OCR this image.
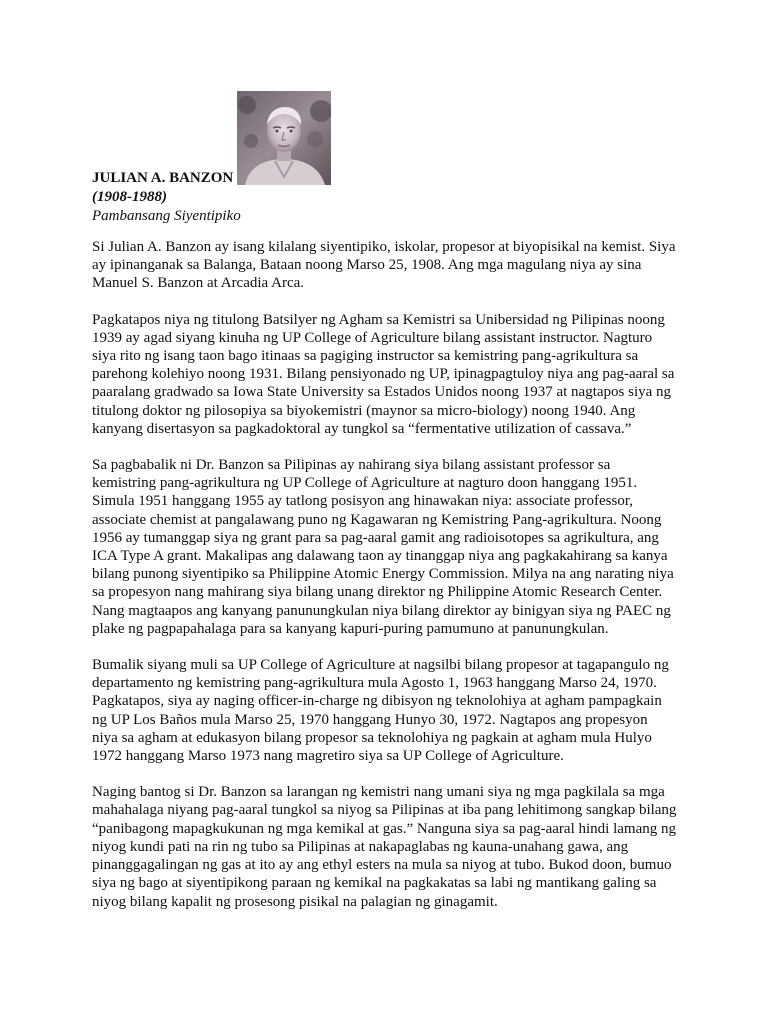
JULIAN A. BANZON

(1908-1988)

Pambansang Siyentipiko

Si Julian A. Banzon ay isang kilalang siyentipiko, iskolar, propesor at biyopisikal na kemist. Siya
ay ipinanganak sa Balanga, Bataan noong Marso 25, 1908. Ang mga magulang niya ay sina
Manuel S. Banzon at Arcadia Arca.

Pagkatapos niya ng titulong Batsilyer ng Agham sa Kemistri sa Unibersidad ng Pilipinas noong
1939 ay agad siyang kinuha ng UP College of Agriculture bilang assistant instructor. Nagturo
siya rito ng isang taon bago itinaas sa pagiging instructor sa kemistring pang-agrikultura sa
parehong kolehiyo noong 1931. Bilang pensiyonado ng UP, ipinagpagtuloy niya ang pag-aaral sa
paaralang gradwado sa Iowa State University sa Estados Unidos noong 1937 at nagtapos siya ng
titulong doktor ng pilosopiya sa biyokemistri (maynor sa micro-biology) noong 1940. Ang
kanyang disertasyon sa pagkadoktoral ay tungkol sa “fermentative utilization of cassava.”

Sa pagbabalik ni Dr. Banzon sa Pilipinas ay nahirang siya bilang assistant professor sa
kemistring pang-agrikultura ng UP College of Agriculture at nagturo doon hanggang 1951.
Simula 1951 hanggang 1955 ay tatlong posisyon ang hinawakan niya: associate professor,
associate chemist at pangalawang puno ng Kagawaran ng Kemistring Pang-agrikultura. Noong
1956 ay tumanggap siya ng grant para sa pag-aaral gamit ang radioisotopes sa agrikultura, ang
ICA Type A grant. Makalipas ang dalawang taon ay tinanggap niya ang pagkakahirang sa kanya
bilang punong siyentipiko sa Philippine Atomic Energy Commission. Milya na ang narating niya
sa propesyon nang mahirang siya bilang unang direktor ng Philippine Atomic Research Center.
Nang magtaapos ang kanyang panunungkulan niya bilang direktor ay binigyan siya ng PAEC ng
plake ng pagpapahalaga para sa kanyang kapuri-puring pamumuno at panunungkulan.

Bumalik siyang muli sa UP College of Agriculture at nagsilbi bilang propesor at tagapangulo ng
departamento ng kemistring pang-agrikultura mula Agosto 1, 1963 hanggang Marso 24, 1970.
Pagkatapos, siya ay naging officer-in-charge ng dibisyon ng teknolohiya at agham pampagkain
ng UP Los Baños mula Marso 25, 1970 hanggang Hunyo 30, 1972. Nagtapos ang propesyon
niya sa agham at edukasyon bilang propesor sa teknolohiya ng pagkain at agham mula Hulyo
1972 hanggang Marso 1973 nang magretiro siya sa UP College of Agriculture.

Naging bantog si Dr. Banzon sa larangan ng kemistri nang umani siya ng mga pagkilala sa mga
mahahalaga niyang pag-aaral tungkol sa niyog sa Pilipinas at iba pang lehitimong sangkap bilang
“panibagong mapagkukunan ng mga kemikal at gas.” Nanguna siya sa pag-aaral hindi lamang ng
niyog kundi pati na rin ng tubo sa Pilipinas at nakapaglabas ng kauna-unahang gawa, ang
pinanggagalingan ng gas at ito ay ang ethyl esters na mula sa niyog at tubo. Bukod doon, bumuo
siya ng bago at siyentipikong paraan ng kemikal na pagkakatas sa labi ng mantikang galing sa
niyog bilang kapalit ng prosesong pisikal na palagian ng ginagamit.
